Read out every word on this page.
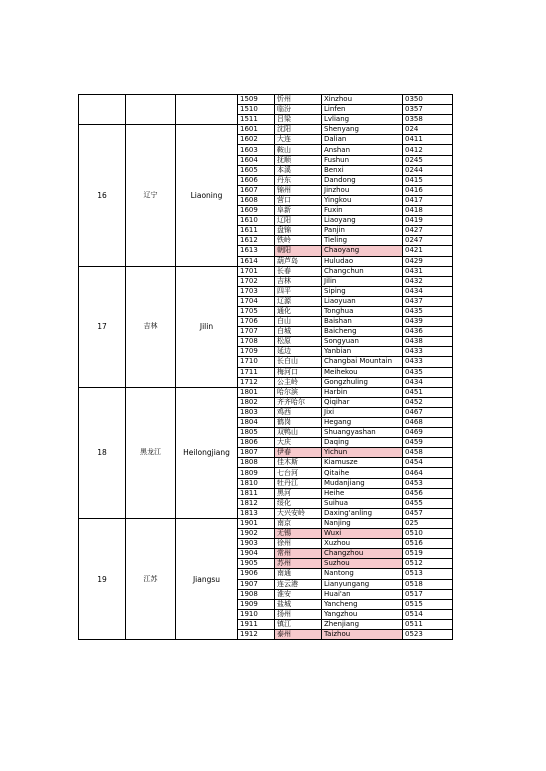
			1509	忻州	Xinzhou	0350
			1510	临汾	Linfen	0357
			1511	吕梁	Lvliang	0358
16	辽宁	Liaoning	1601	沈阳	Shenyang	024
			1602	大连	Dalian	0411
			1603	鞍山	Anshan	0412
			1604	抚顺	Fushun	0245
			1605	本溪	Benxi	0244
			1606	丹东	Dandong	0415
			1607	锦州	Jinzhou	0416
			1608	营口	Yingkou	0417
			1609	阜新	Fuxin	0418
			1610	辽阳	Liaoyang	0419
			1611	盘锦	Panjin	0427
			1612	铁岭	Tieling	0247
			1613	朝阳	Chaoyang	0421
			1614	葫芦岛	Huludao	0429
17	吉林	Jilin	1701	长春	Changchun	0431
			1702	吉林	Jilin	0432
			1703	四平	Siping	0434
			1704	辽源	Liaoyuan	0437
			1705	通化	Tonghua	0435
			1706	白山	Baishan	0439
			1707	白城	Baicheng	0436
			1708	松原	Songyuan	0438
			1709	延边	Yanbian	0433
			1710	长白山	Changbai Mountain	0433
			1711	梅河口	Meihekou	0435
			1712	公主岭	Gongzhuling	0434
18	黑龙江	Heilongjiang	1801	哈尔滨	Harbin	0451
			1802	齐齐哈尔	Qiqihar	0452
			1803	鸡西	Jixi	0467
			1804	鹤岗	Hegang	0468
			1805	双鸭山	Shuangyashan	0469
			1806	大庆	Daqing	0459
			1807	伊春	Yichun	0458
			1808	佳木斯	Kiamusze	0454
			1809	七台河	Qitaihe	0464
			1810	牡丹江	Mudanjiang	0453
			1811	黑河	Heihe	0456
			1812	绥化	Suihua	0455
			1813	大兴安岭	Daxing'anling	0457
19	江苏	Jiangsu	1901	南京	Nanjing	025
			1902	无锡	Wuxi	0510
			1903	徐州	Xuzhou	0516
			1904	常州	Changzhou	0519
			1905	苏州	Suzhou	0512
			1906	南通	Nantong	0513
			1907	连云港	Lianyungang	0518
			1908	淮安	Huai'an	0517
			1909	盐城	Yancheng	0515
			1910	扬州	Yangzhou	0514
			1911	镇江	Zhenjiang	0511
			1912	泰州	Taizhou	0523
